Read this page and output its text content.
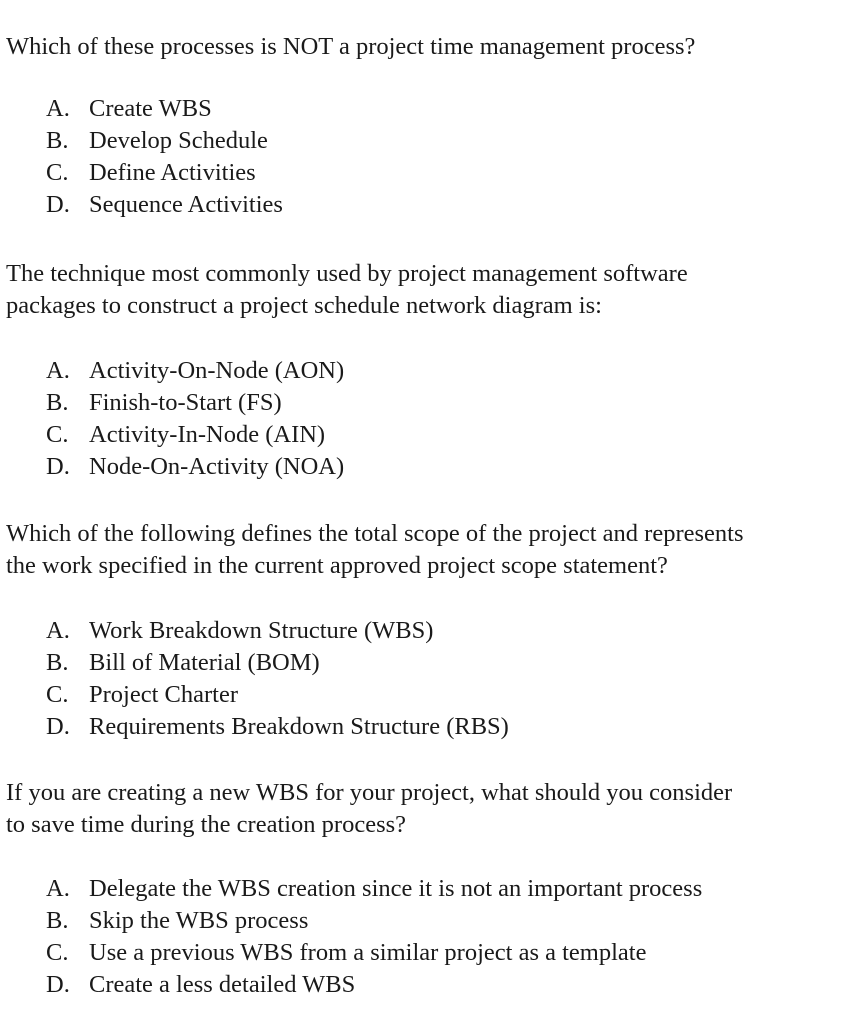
Which of these processes is NOT a project time management process?

A. Create WBS
B. Develop Schedule
C. Define Activities
D. Sequence Activities

The technique most commonly used by project management software
packages to construct a project schedule network diagram is:

A. Activity-On-Node (AON)
B. Finish-to-Start (FS)
C. Activity-In-Node (AIN)
D. Node-On-Activity (NOA)

Which of the following defines the total scope of the project and represents
the work specified in the current approved project scope statement?

A. Work Breakdown Structure (WBS)
B. Bill of Material (BOM)
C. Project Charter
D. Requirements Breakdown Structure (RBS)

If you are creating a new WBS for your project, what should you consider
to save time during the creation process?

A. Delegate the WBS creation since it is not an important process
B. Skip the WBS process
C. Use a previous WBS from a similar project as a template
D. Create a less detailed WBS
